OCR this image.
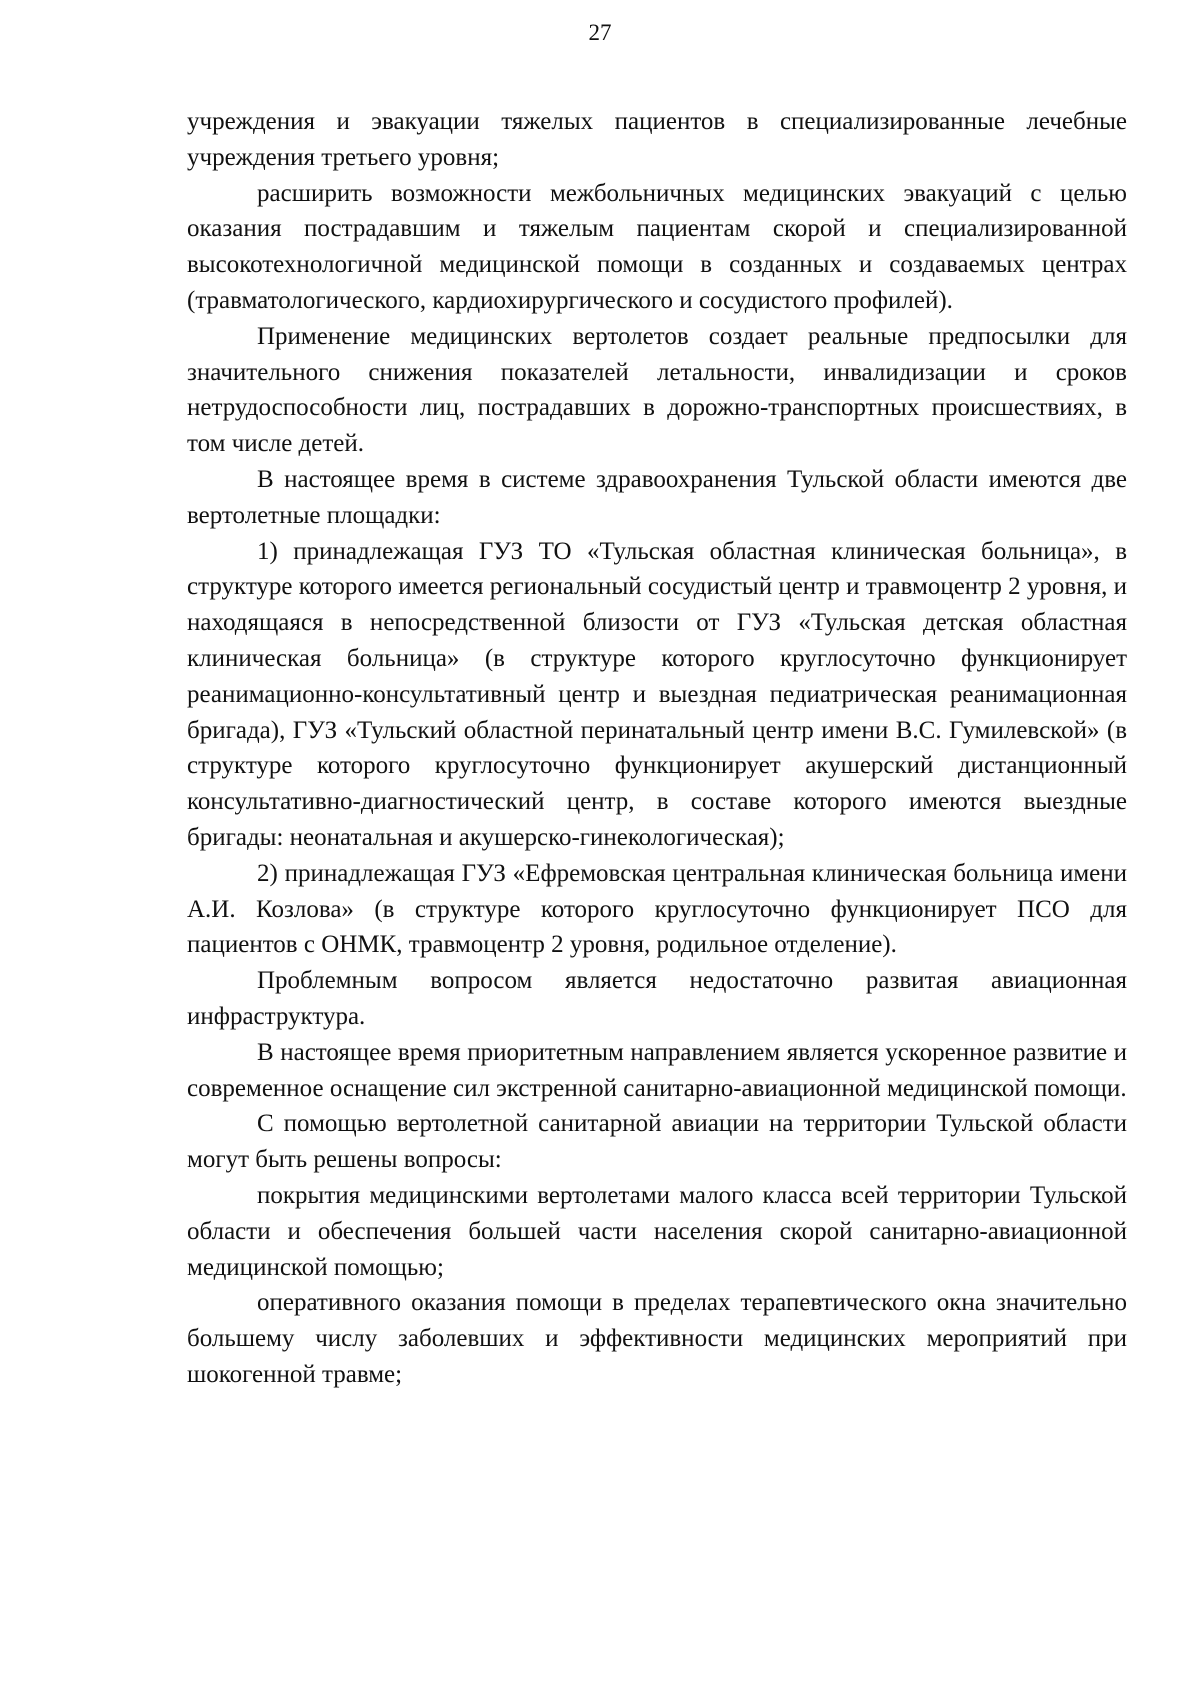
27

учреждения и эвакуации тяжелых пациентов в специализированные лечебные учреждения третьего уровня;

расширить возможности межбольничных медицинских эвакуаций с целью оказания пострадавшим и тяжелым пациентам скорой и специализированной высокотехнологичной медицинской помощи в созданных и создаваемых центрах (травматологического, кардиохирургического и сосудистого профилей).

Применение медицинских вертолетов создает реальные предпосылки для значительного снижения показателей летальности, инвалидизации и сроков нетрудоспособности лиц, пострадавших в дорожно-транспортных происшествиях, в том числе детей.

В настоящее время в системе здравоохранения Тульской области имеются две вертолетные площадки:

1) принадлежащая ГУЗ ТО «Тульская областная клиническая больница», в структуре которого имеется региональный сосудистый центр и травмоцентр 2 уровня, и находящаяся в непосредственной близости от ГУЗ «Тульская детская областная клиническая больница» (в структуре которого круглосуточно функционирует реанимационно-консультативный центр и выездная педиатрическая реанимационная бригада), ГУЗ «Тульский областной перинатальный центр имени В.С. Гумилевской» (в структуре которого круглосуточно функционирует акушерский дистанционный консультативно-диагностический центр, в составе которого имеются выездные бригады: неонатальная и акушерско-гинекологическая);

2) принадлежащая ГУЗ «Ефремовская центральная клиническая больница имени А.И. Козлова» (в структуре которого круглосуточно функционирует ПСО для пациентов с ОНМК, травмоцентр 2 уровня, родильное отделение).

Проблемным вопросом является недостаточно развитая авиационная инфраструктура.

В настоящее время приоритетным направлением является ускоренное развитие и современное оснащение сил экстренной санитарно-авиационной медицинской помощи.

С помощью вертолетной санитарной авиации на территории Тульской области могут быть решены вопросы:

покрытия медицинскими вертолетами малого класса всей территории Тульской области и обеспечения большей части населения скорой санитарно-авиационной медицинской помощью;

оперативного оказания помощи в пределах терапевтического окна значительно большему числу заболевших и эффективности медицинских мероприятий при шокогенной травме;
